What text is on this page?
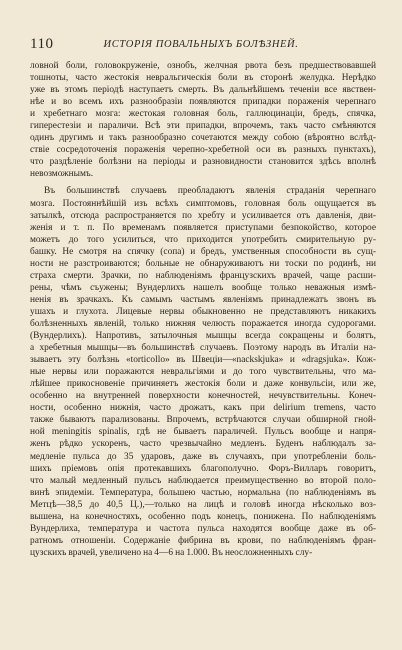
110	ИСТОРІЯ ПОВАЛЬНЫХЪ БОЛѢЗНЕЙ.
ловной боли, головокруженіе, ознобъ, желчная рвота безъ предшествовавшей
тошноты, часто жестокія невральгическія боли въ сторонѣ желудка. Нерѣдко
уже въ этомъ періодѣ наступаетъ смерть. Въ дальнѣйшемъ теченіи все явствен-
нѣе и во всемъ ихъ разнообразіи появляются припадки пораженія черепнаго
и хребетнаго мозга: жестокая головная боль, галлюцинаціи, бредъ, спячка,
гиперестезіи и параличи. Всѣ эти припадки, впрочемъ, такъ часто смѣняются
одинъ другимъ и такъ разнообразно сочетаются между собою (вѣроятно вслѣд-
ствіе сосредоточенія пораженія черепно-хребетной оси въ разныхъ пунктахъ),
что раздѣленіе болѣзни на періоды и разновидности становится здѣсь вполнѣ
невозможнымъ.
Въ большинствѣ случаевъ преобладаютъ явленія страданія черепнаго
мозга. Постояннѣйшій изъ всѣхъ симптомовъ, головная боль ощущается въ
затылкѣ, отсюда распространяется по хребту и усиливается отъ давленія, дви-
женія и т. п. По временамъ появляется приступами безпокойство, которое
можетъ до того усилиться, что приходится употребить смирительную ру-
башку. Не смотря на спячку (сопа) и бредъ, умственныя способности въ сущ-
ности не разстроиваются; больные не обнаруживаютъ ни тоски по родинѣ, ни
страха смерти. Зрачки, по наблюденіямъ французскихъ врачей, чаще расши-
рены, чѣмъ съужены; Вундерлихъ нашелъ вообще только неважныя измѣ-
ненія въ зрачкахъ. Къ самымъ частымъ явленіямъ принадлежатъ звонъ въ
ушахъ и глухота. Лицевые нервы обыкновенно не представляютъ никакихъ
болѣзненныхъ явленій, только нижняя челюсть поражается иногда судорогами.
(Вундерлихъ). Напротивъ, затылочныя мышцы всегда сокращены и болятъ,
а хребетныя мышцы—въ большинствѣ случаевъ. Поэтому народъ въ Италіи на-
зываетъ эту болѣзнь «torticollo» въ Швеціи—«nackskjuka» и «dragsjuka». Кож-
ные нервы или поражаются невральгіями и до того чувствительны, что ма-
лѣйшее прикосновеніе причиняетъ жестокія боли и даже конвульсіи, или же,
особенно на внутренней поверхности конечностей, нечувствительны. Конеч-
ности, особенно нижнія, часто дрожатъ, какъ при delirium tremens, часто
также бываютъ парализованы. Впрочемъ, встрѣчаются случаи обширной гной-
ной meningitis spinalis, гдѣ не бываетъ параличей. Пульсъ вообще и напря-
женъ рѣдко ускоренъ, часто чрезвычайно медленъ. Буденъ наблюдалъ за-
медленіе пульса до 35 ударовъ, даже въ случаяхъ, при употребленіи боль-
шихъ пріемовъ опія протекавшихъ благополучно. Форъ-Вилларъ говоритъ,
что малый медленный пульсъ наблюдается преимущественно во второй поло-
винѣ эпидеміи. Температура, большею частью, нормальна (по наблюденіямъ въ
Метцѣ—38,5 до 40,5 Ц.),—только на лицѣ и головѣ иногда нѣсколько воз-
вышена, на конечностяхъ, особенно подъ конецъ, понижена. По наблюденіямъ
Вундерлиха, температура и частота пульса находятся вообще даже въ об-
ратномъ отношеніи. Содержаніе фибрина въ крови, по наблюденіямъ фран-
цузскихъ врачей, увеличено на 4—6 на 1.000. Въ неосложненныхъ слу-
